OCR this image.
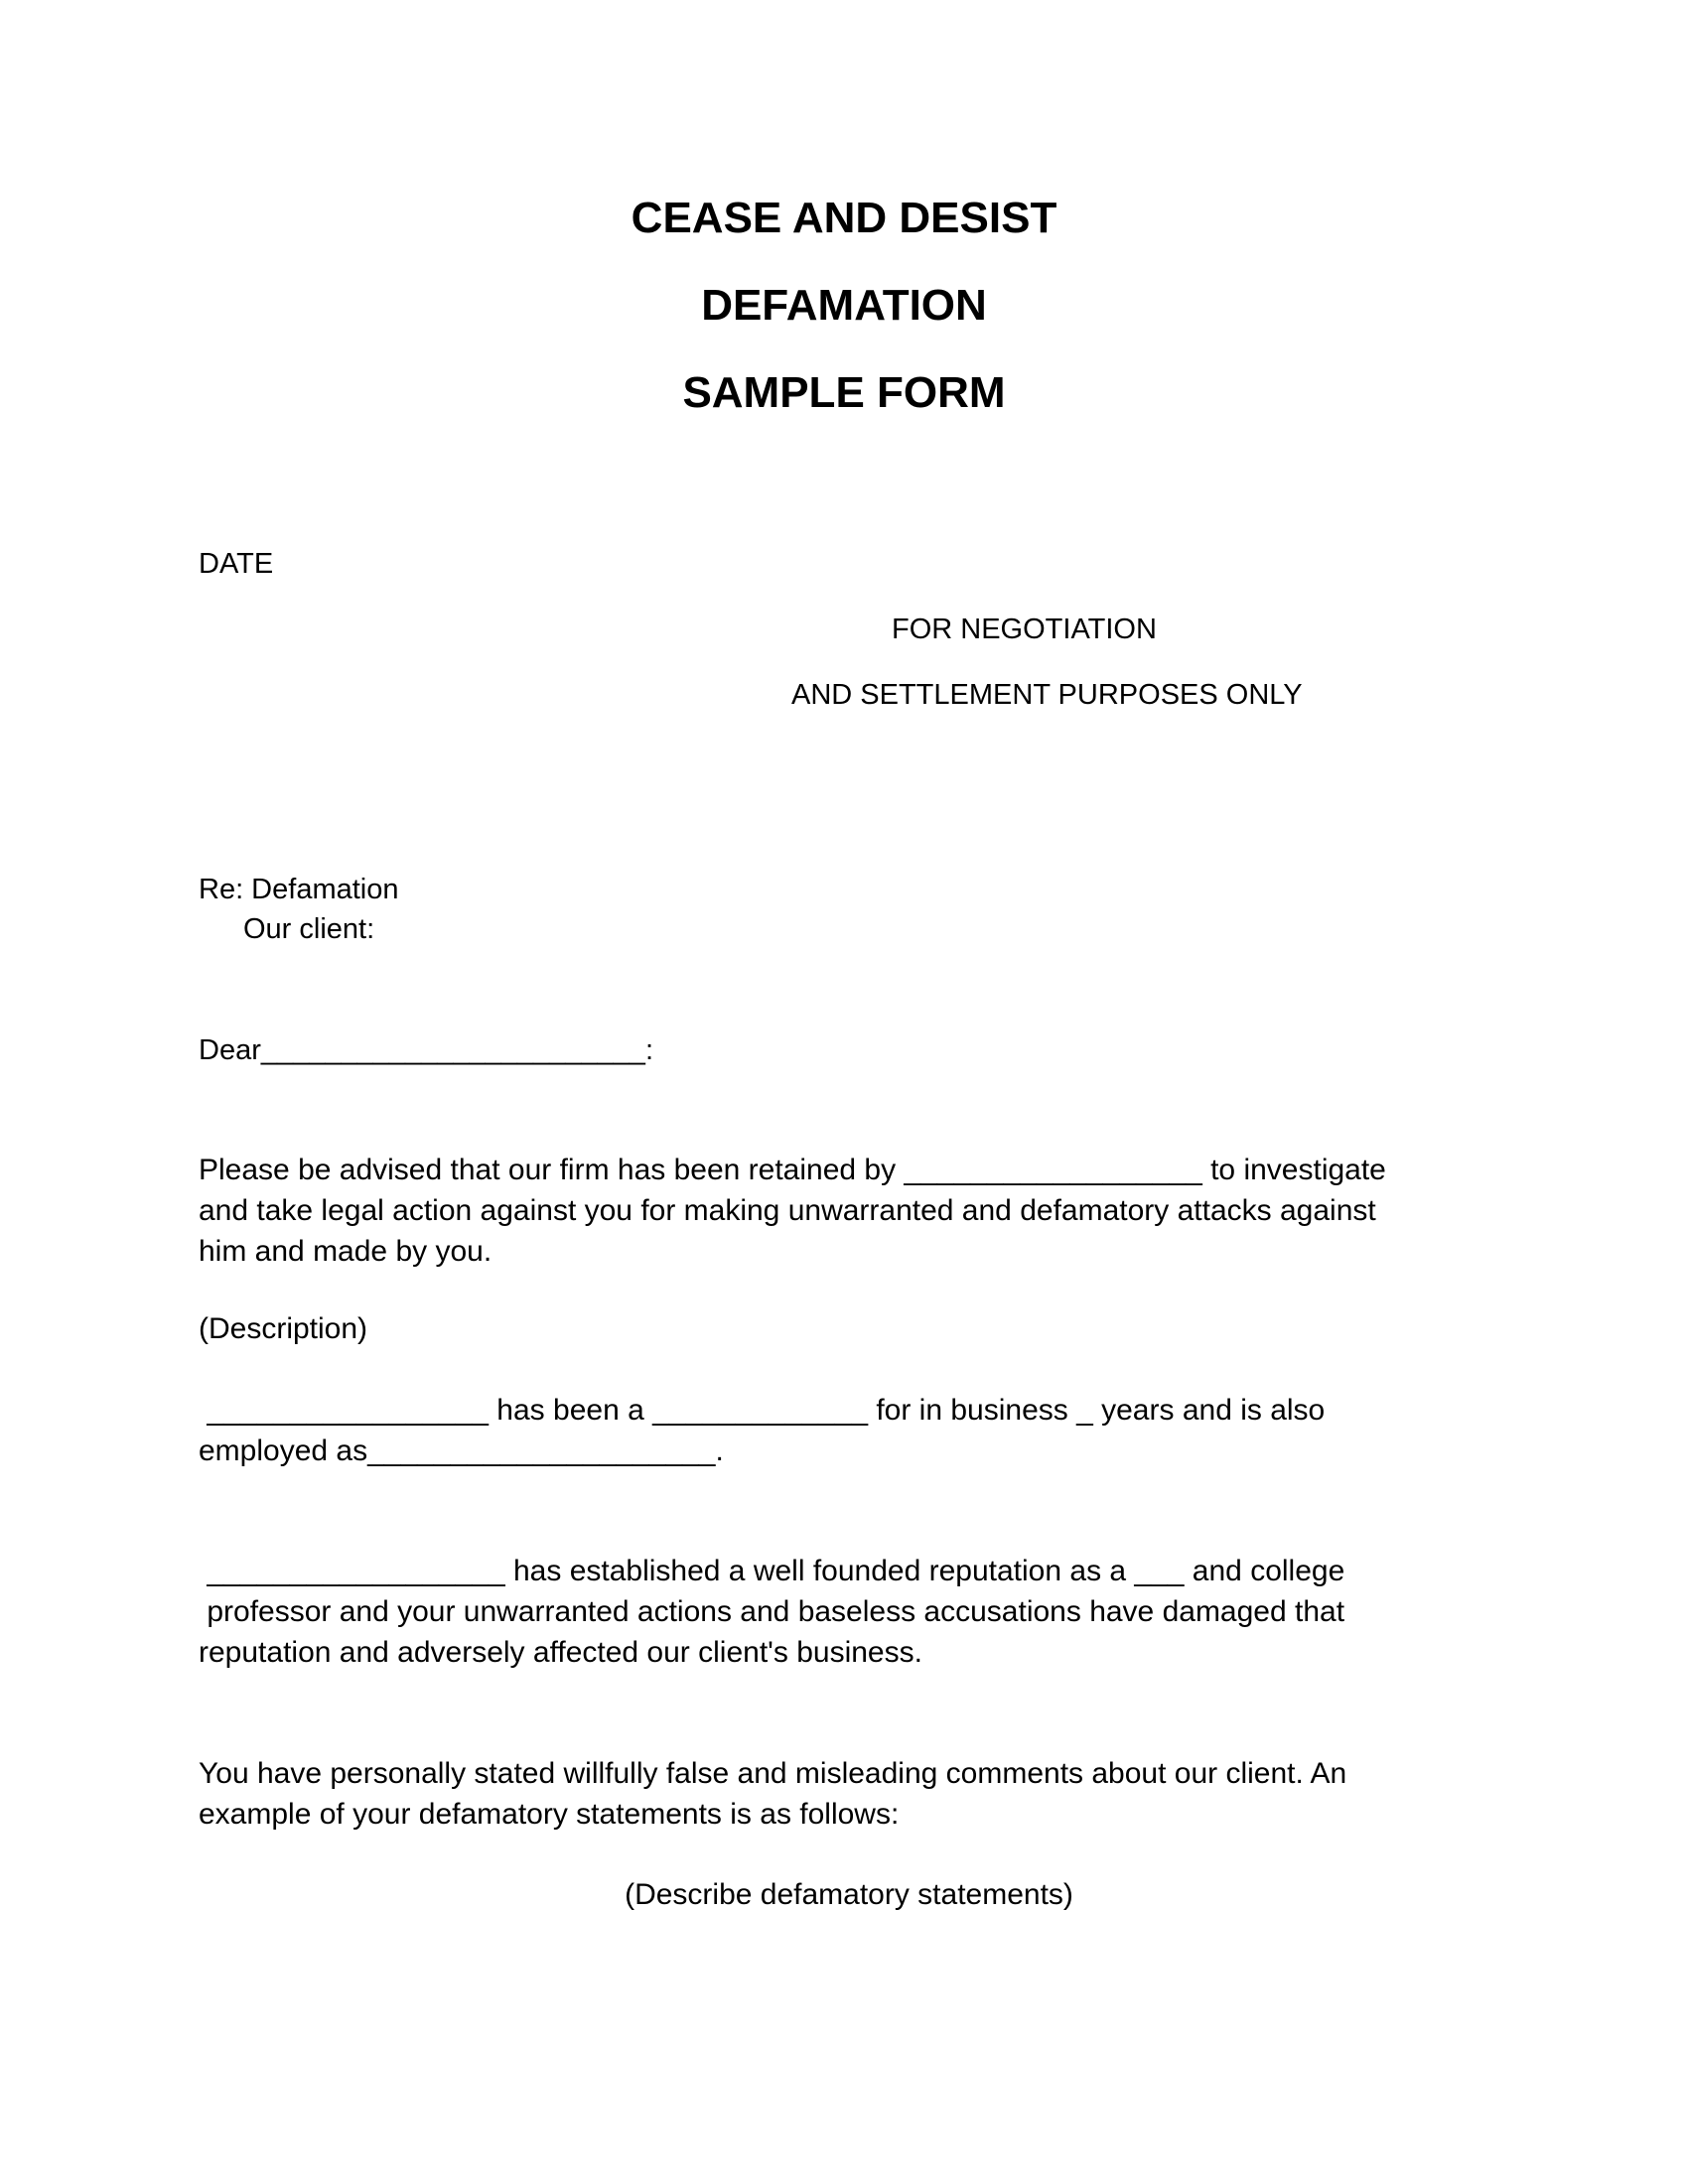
CEASE AND DESIST
DEFAMATION
SAMPLE FORM
DATE
FOR NEGOTIATION
AND SETTLEMENT PURPOSES ONLY
Re: Defamation
Our client:
Dear________________________:
Please be advised that our firm has been retained by __________________ to investigate
and take legal action against you for making unwarranted and defamatory attacks against
him and made by you.
(Description)
_________________ has been a _____________ for in business _ years and is also
employed as_____________________.
__________________ has established a well founded reputation as a ___ and college
professor and your unwarranted actions and baseless accusations have damaged that
reputation and adversely affected our client's business.
You have personally stated willfully false and misleading comments about our client. An
example of your defamatory statements is as follows:
(Describe defamatory statements)
